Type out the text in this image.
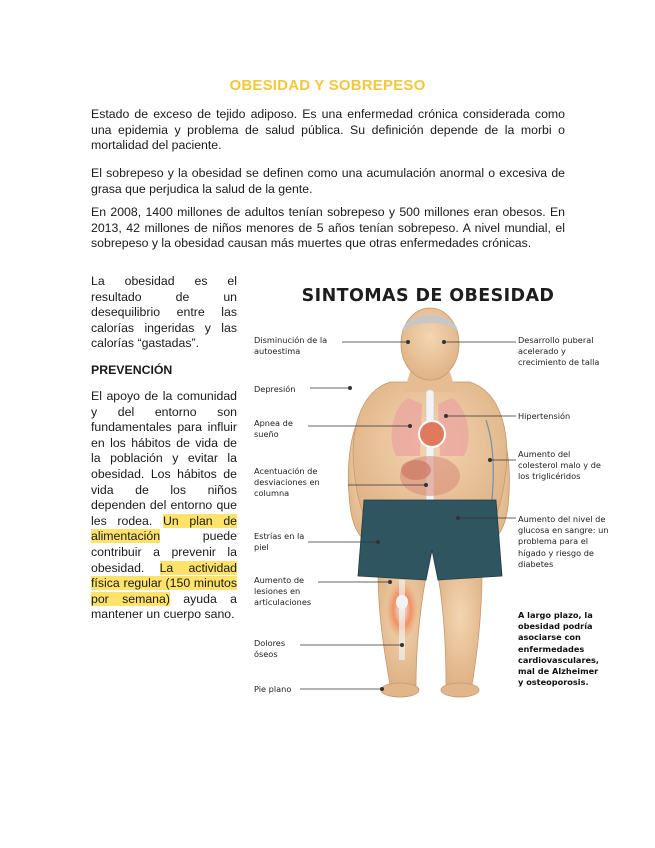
OBESIDAD Y SOBREPESO

Estado de exceso de tejido adiposo. Es una enfermedad crónica considerada como una epidemia y problema de salud pública. Su definición depende de la morbi o mortalidad del paciente.

El sobrepeso y la obesidad se definen como una acumulación anormal o excesiva de grasa que perjudica la salud de la gente.

En 2008, 1400 millones de adultos tenían sobrepeso y 500 millones eran obesos. En 2013, 42 millones de niños menores de 5 años tenían sobrepeso. A nivel mundial, el sobrepeso y la obesidad causan más muertes que otras enfermedades crónicas.

La obesidad es el resultado de un desequilibrio entre las calorías ingeridas y las calorías “gastadas”.

PREVENCIÓN

El apoyo de la comunidad y del entorno son fundamentales para influir en los hábitos de vida de la población y evitar la obesidad. Los hábitos de vida de los niños dependen del entorno que les rodea. Un plan de alimentación puede contribuir a prevenir la obesidad. La actividad física regular (150 minutos por semana) ayuda a mantener un cuerpo sano.

SINTOMAS DE OBESIDAD
Disminución de la autoestima
Depresión
Apnea de sueño
Acentuación de desviaciones en columna
Estrías en la piel
Aumento de lesiones en articulaciones
Dolores óseos
Pie plano
Desarrollo puberal acelerado y crecimiento de talla
Hipertensión
Aumento del colesterol malo y de los triglicéridos
Aumento del nivel de glucosa en sangre: un problema para el hígado y riesgo de diabetes
A largo plazo, la obesidad podría asociarse con enfermedades cardiovasculares, mal de Alzheimer y osteoporosis.
